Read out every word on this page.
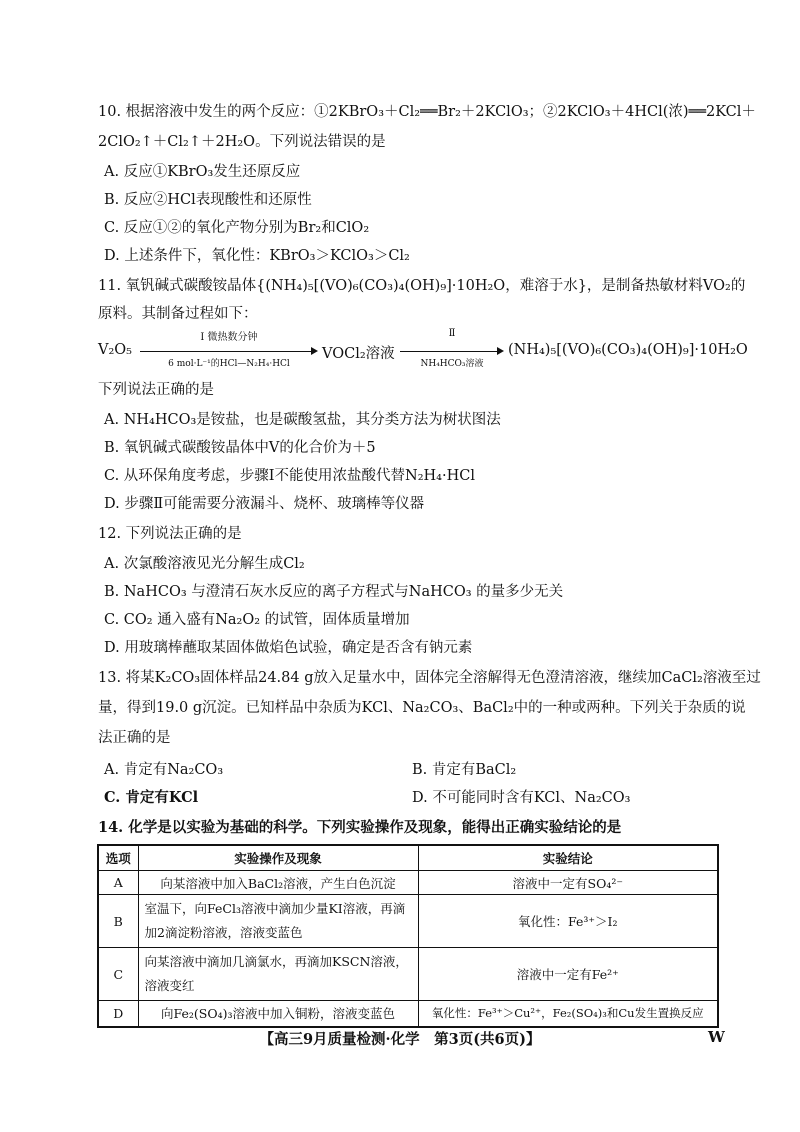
10. 根据溶液中发生的两个反应：①2KBrO₃＋Cl₂══Br₂＋2KClO₃；②2KClO₃＋4HCl(浓)══2KCl＋
2ClO₂↑＋Cl₂↑＋2H₂O。下列说法错误的是
A. 反应①KBrO₃发生还原反应
B. 反应②HCl表现酸性和还原性
C. 反应①②的氧化产物分别为Br₂和ClO₂
D. 上述条件下，氧化性：KBrO₃＞KClO₃＞Cl₂
11. 氧钒碱式碳酸铵晶体{(NH₄)₅[(VO)₆(CO₃)₄(OH)₉]·10H₂O，难溶于水}，是制备热敏材料VO₂的
原料。其制备过程如下：
V₂O₅
Ⅰ 微热数分钟
6 mol·L⁻¹的HCl—N₂H₄·HCl
VOCl₂溶液
Ⅱ
NH₄HCO₃溶液
(NH₄)₅[(VO)₆(CO₃)₄(OH)₉]·10H₂O
下列说法正确的是
A. NH₄HCO₃是铵盐，也是碳酸氢盐，其分类方法为树状图法
B. 氧钒碱式碳酸铵晶体中V的化合价为＋5
C. 从环保角度考虑，步骤Ⅰ不能使用浓盐酸代替N₂H₄·HCl
D. 步骤Ⅱ可能需要分液漏斗、烧杯、玻璃棒等仪器
12. 下列说法正确的是
A. 次氯酸溶液见光分解生成Cl₂
B. NaHCO₃ 与澄清石灰水反应的离子方程式与NaHCO₃ 的量多少无关
C. CO₂ 通入盛有Na₂O₂ 的试管，固体质量增加
D. 用玻璃棒蘸取某固体做焰色试验，确定是否含有钠元素
13. 将某K₂CO₃固体样品24.84 g放入足量水中，固体完全溶解得无色澄清溶液，继续加CaCl₂溶液至过
量，得到19.0 g沉淀。已知样品中杂质为KCl、Na₂CO₃、BaCl₂中的一种或两种。下列关于杂质的说
法正确的是
A. 肯定有Na₂CO₃	B. 肯定有BaCl₂
C. 肯定有KCl	D. 不可能同时含有KCl、Na₂CO₃
14. 化学是以实验为基础的科学。下列实验操作及现象，能得出正确实验结论的是
选项	实验操作及现象	实验结论
A	向某溶液中加入BaCl₂溶液，产生白色沉淀	溶液中一定有SO₄²⁻
B	室温下，向FeCl₃溶液中滴加少量KI溶液，再滴加2滴淀粉溶液，溶液变蓝色	氧化性：Fe³⁺＞I₂
C	向某溶液中滴加几滴氯水，再滴加KSCN溶液，溶液变红	溶液中一定有Fe²⁺
D	向Fe₂(SO₄)₃溶液中加入铜粉，溶液变蓝色	氧化性：Fe³⁺＞Cu²⁺，Fe₂(SO₄)₃和Cu发生置换反应
【高三9月质量检测·化学　第3页(共6页)】	W
